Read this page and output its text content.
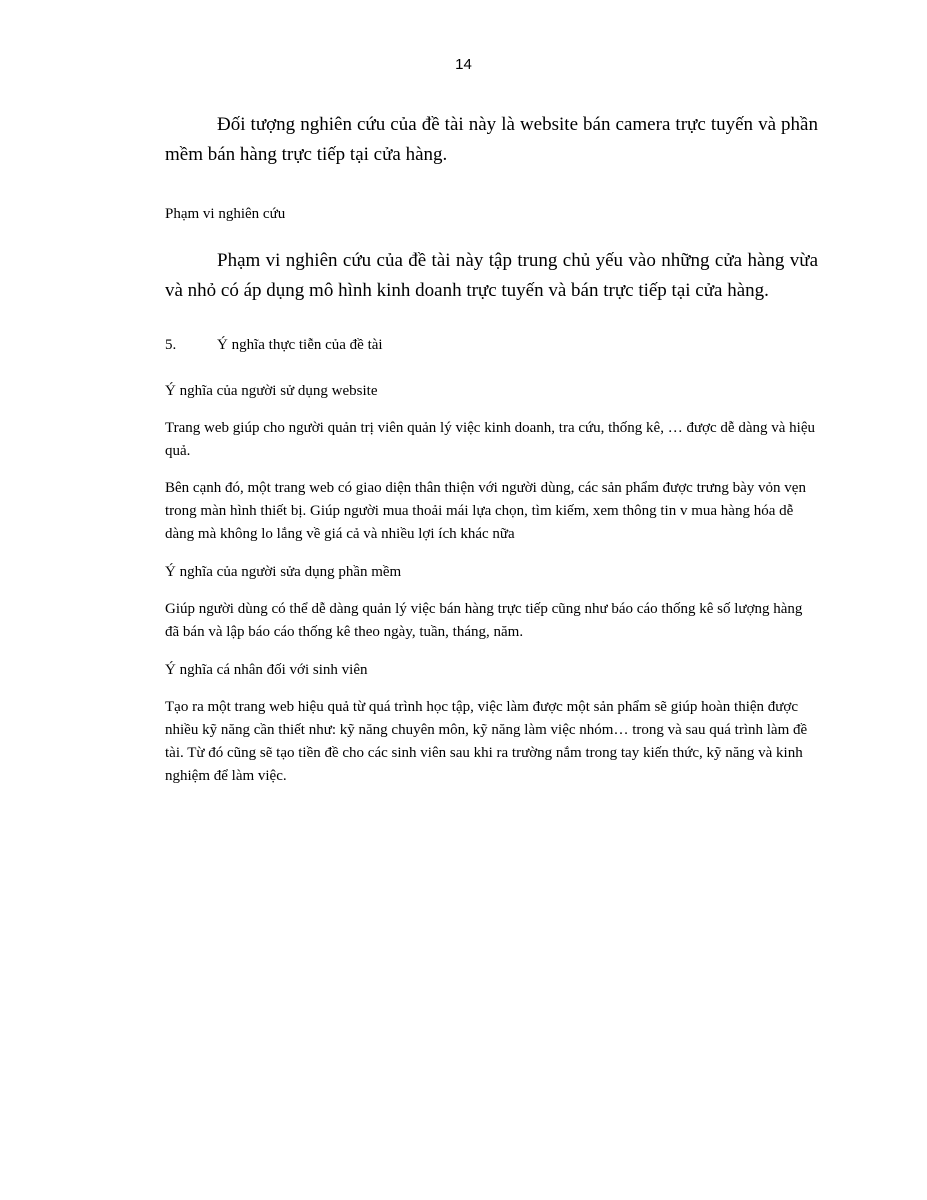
14

Đối tượng nghiên cứu của đề tài này là website bán camera trực tuyến và phần mềm bán hàng trực tiếp tại cửa hàng.

Phạm vi nghiên cứu

Phạm vi nghiên cứu của đề tài này tập trung chủ yếu vào những cửa hàng vừa và nhỏ có áp dụng mô hình kinh doanh trực tuyến và bán trực tiếp tại cửa hàng.

5.	Ý nghĩa thực tiễn của đề tài

Ý nghĩa của người sử dụng website

Trang web giúp cho người quản trị viên quản lý việc kinh doanh, tra cứu, thống kê, … được dễ dàng và hiệu quả.

Bên cạnh đó, một trang web có giao diện thân thiện với người dùng, các sản phẩm được trưng bày vỏn vẹn trong màn hình thiết bị. Giúp người mua thoải mái lựa chọn, tìm kiếm, xem thông tin v mua hàng hóa dễ dàng mà không lo lắng về giá cả và nhiều lợi ích khác nữa

Ý nghĩa của người sửa dụng phần mềm

Giúp người dùng có thể dễ dàng quản lý việc bán hàng trực tiếp cũng như báo cáo thống kê số lượng hàng đã bán và lập báo cáo thống kê theo ngày, tuần, tháng, năm.

Ý nghĩa cá nhân đối với sinh viên

Tạo ra một trang web hiệu quả từ quá trình học tập, việc làm được một sản phẩm sẽ giúp hoàn thiện được nhiều kỹ năng cần thiết như: kỹ năng chuyên môn, kỹ năng làm việc nhóm… trong và sau quá trình làm đề tài. Từ đó cũng sẽ tạo tiền đề cho các sinh viên sau khi ra trường nắm trong tay kiến thức, kỹ năng và kinh nghiệm để làm việc.
